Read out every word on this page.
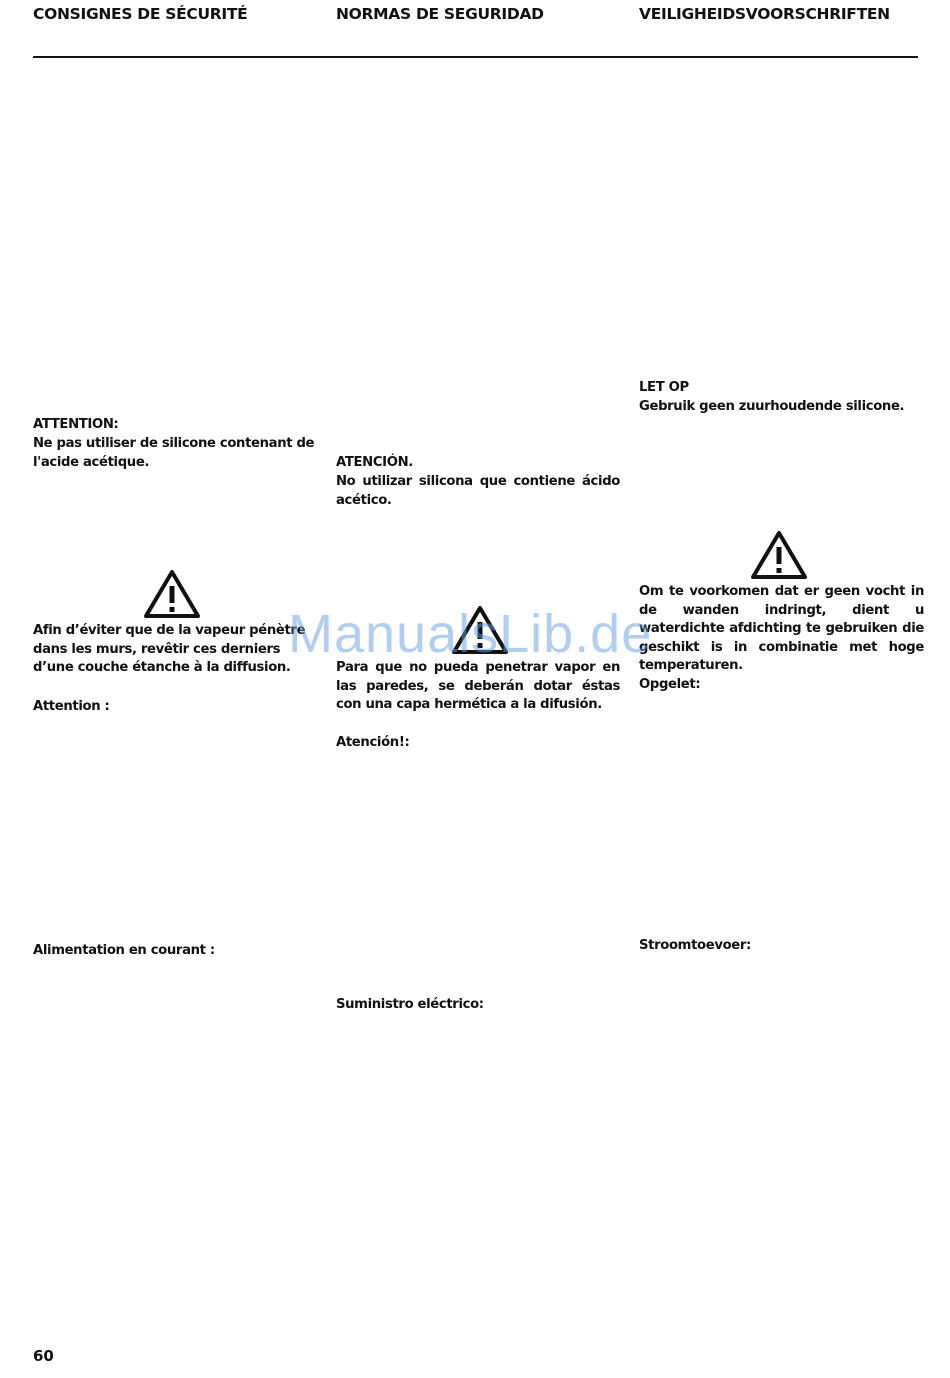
CONSIGNES DE SÉCURITÉ	NORMAS DE SEGURIDAD	VEILIGHEIDSVOORSCHRIFTEN
ATTENTION:
Ne pas utiliser de silicone contenant de l'acide acétique.
Afin d’éviter que de la vapeur pénètre dans les murs, revêtir ces derniers d’une couche étanche à la diffusion.
Attention :
Alimentation en courant :
ATENCIÓN.
No utilizar silicona que contiene ácido acético.
Para que no pueda penetrar vapor en las paredes, se deberán dotar éstas con una capa hermética a la difusión.
Atención!:
Suministro eléctrico:
LET OP
Gebruik geen zuurhoudende silicone.
Om te voorkomen dat er geen vocht in de wanden indringt, dient u waterdichte afdichting te gebruiken die geschikt is in combinatie met hoge temperaturen.
Opgelet:
Stroomtoevoer:
ManualsLib.de
60
